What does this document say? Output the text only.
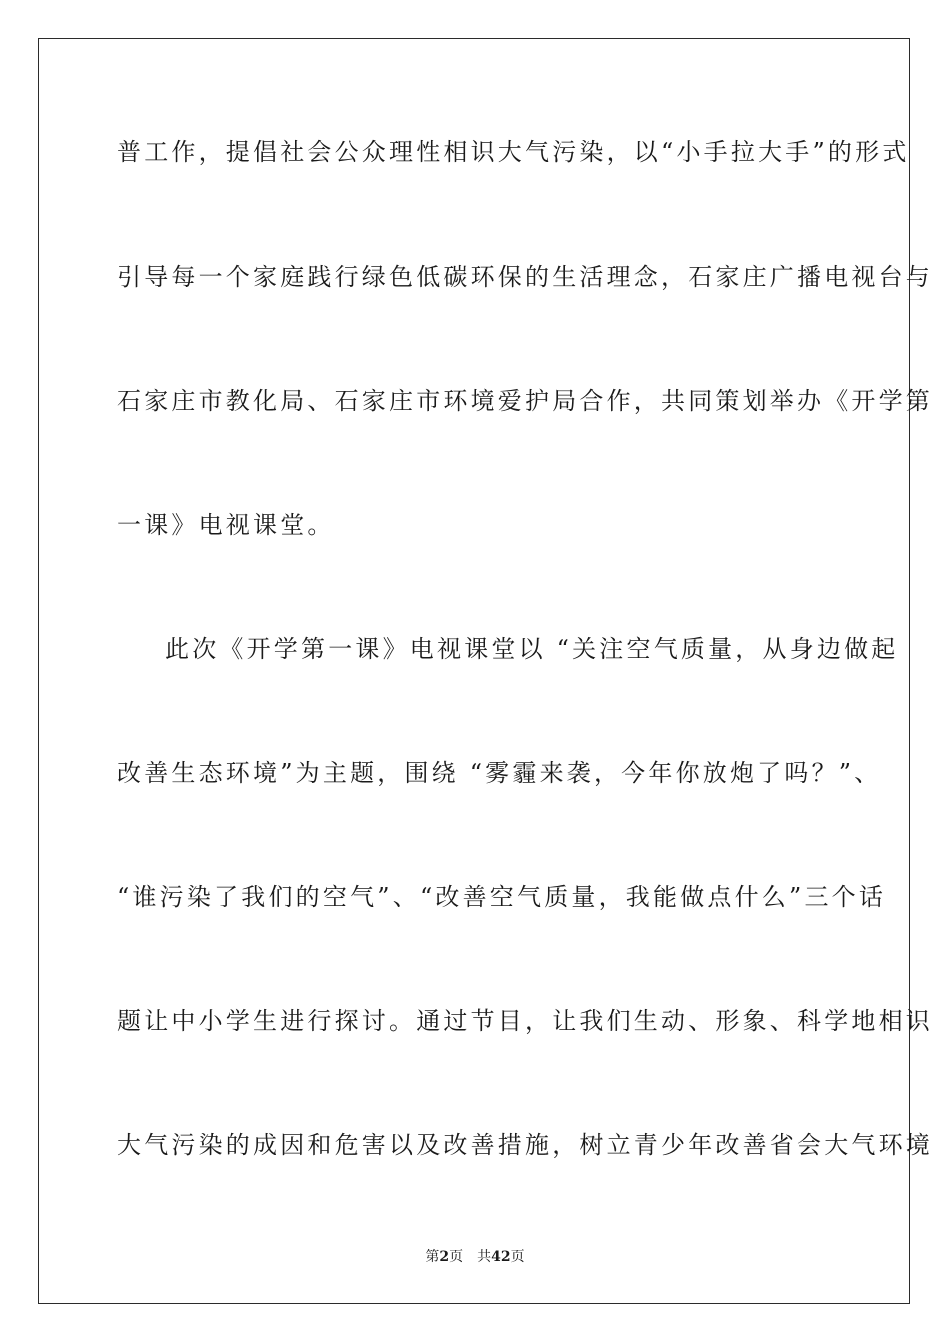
普工作，提倡社会公众理性相识大气污染，以“小手拉大手”的形式
引导每一个家庭践行绿色低碳环保的生活理念，石家庄广播电视台与
石家庄市教化局、石家庄市环境爱护局合作，共同策划举办《开学第
一课》电视课堂。
此次《开学第一课》电视课堂以 “关注空气质量，从身边做起
改善生态环境”为主题，围绕 “雾霾来袭，今年你放炮了吗？”、
“谁污染了我们的空气”、“改善空气质量，我能做点什么”三个话
题让中小学生进行探讨。通过节目，让我们生动、形象、科学地相识
大气污染的成因和危害以及改善措施，树立青少年改善省会大气环境
第2页 共42页
